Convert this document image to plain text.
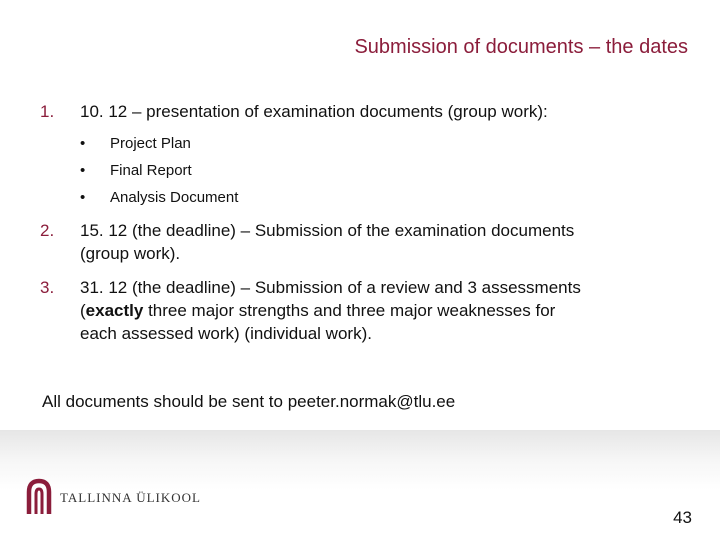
Submission of documents – the dates
1.	10. 12 – presentation of examination documents (group work):
•	Project Plan
•	Final Report
•	Analysis Document
2.	15. 12 (the deadline) – Submission of the examination documents
(group work).
3.	31. 12 (the deadline) – Submission of a review and 3 assessments
(exactly three major strengths and three major weaknesses for
each assessed work) (individual work).
All documents should be sent to peeter.normak@tlu.ee
TALLINNA ÜLIKOOL
43
